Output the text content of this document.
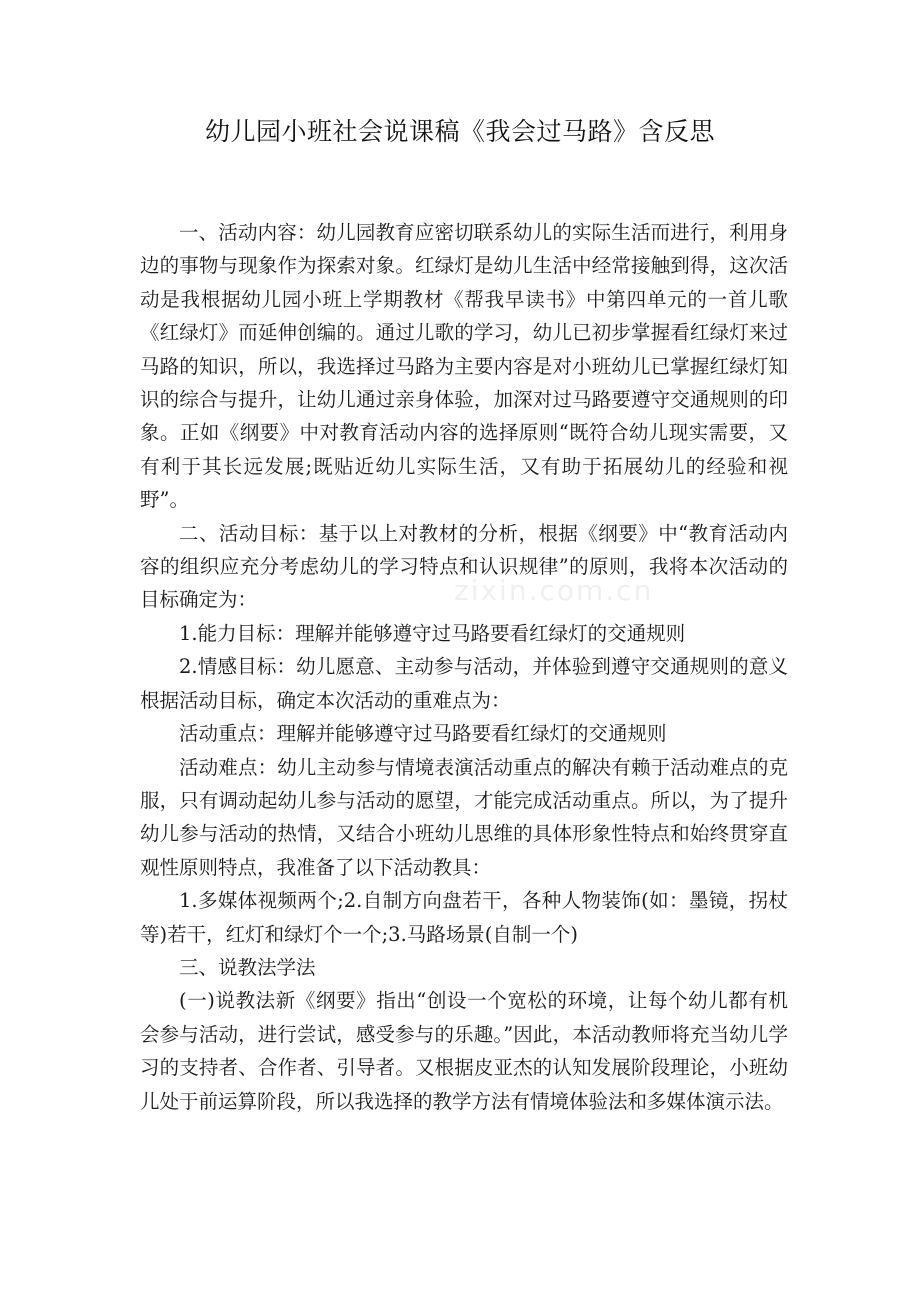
幼儿园小班社会说课稿《我会过马路》含反思
zixin.com.cn

一、活动内容：幼儿园教育应密切联系幼儿的实际生活而进行，利用身边的事物与现象作为探索对象。红绿灯是幼儿生活中经常接触到得，这次活动是我根据幼儿园小班上学期教材《帮我早读书》中第四单元的一首儿歌《红绿灯》而延伸创编的。通过儿歌的学习，幼儿已初步掌握看红绿灯来过马路的知识，所以，我选择过马路为主要内容是对小班幼儿已掌握红绿灯知识的综合与提升，让幼儿通过亲身体验，加深对过马路要遵守交通规则的印象。正如《纲要》中对教育活动内容的选择原则“既符合幼儿现实需要，又有利于其长远发展;既贴近幼儿实际生活，又有助于拓展幼儿的经验和视野”。

二、活动目标：基于以上对教材的分析，根据《纲要》中“教育活动内容的组织应充分考虑幼儿的学习特点和认识规律”的原则，我将本次活动的目标确定为：

1.能力目标：理解并能够遵守过马路要看红绿灯的交通规则

2.情感目标：幼儿愿意、主动参与活动，并体验到遵守交通规则的意义根据活动目标，确定本次活动的重难点为：

活动重点：理解并能够遵守过马路要看红绿灯的交通规则

活动难点：幼儿主动参与情境表演活动重点的解决有赖于活动难点的克服，只有调动起幼儿参与活动的愿望，才能完成活动重点。所以，为了提升幼儿参与活动的热情，又结合小班幼儿思维的具体形象性特点和始终贯穿直观性原则特点，我准备了以下活动教具：

1.多媒体视频两个;2.自制方向盘若干，各种人物装饰(如：墨镜，拐杖等)若干，红灯和绿灯个一个;3.马路场景(自制一个)

三、说教法学法

(一)说教法新《纲要》指出“创设一个宽松的环境，让每个幼儿都有机会参与活动，进行尝试，感受参与的乐趣。”因此，本活动教师将充当幼儿学习的支持者、合作者、引导者。又根据皮亚杰的认知发展阶段理论，小班幼儿处于前运算阶段，所以我选择的教学方法有情境体验法和多媒体演示法。
